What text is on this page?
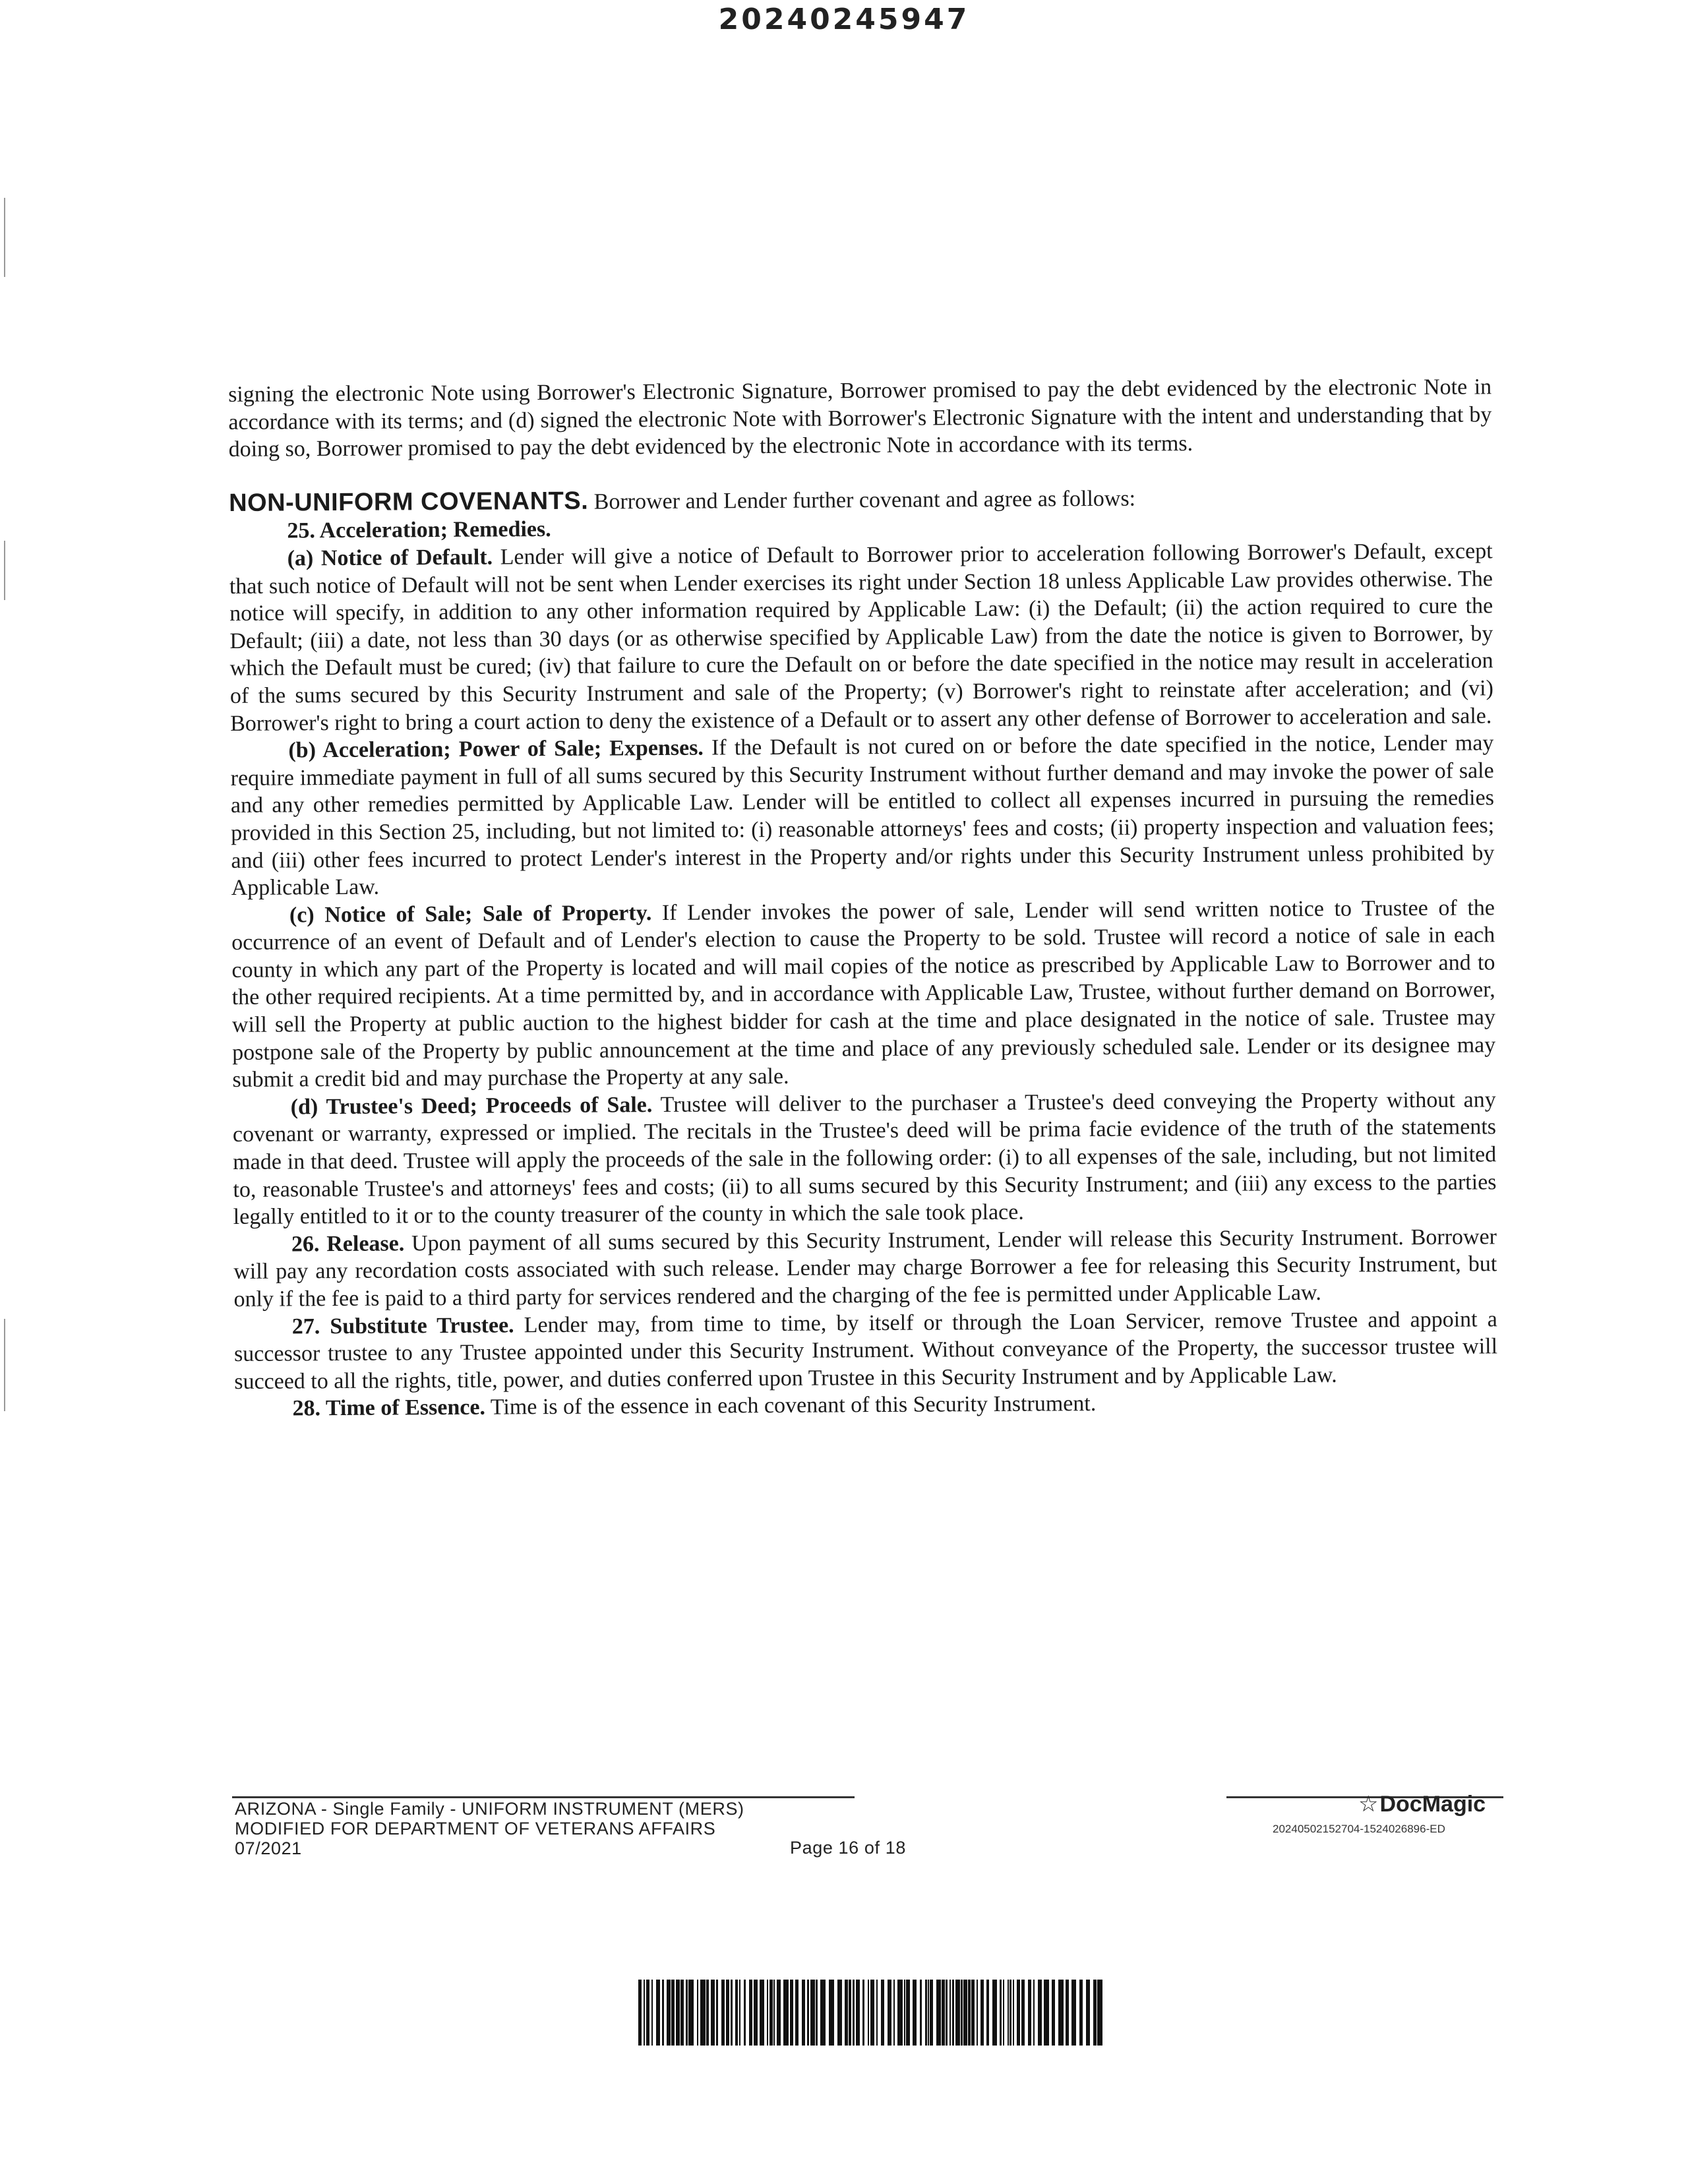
20240245947

signing the electronic Note using Borrower's Electronic Signature, Borrower promised to pay the debt evidenced by the electronic Note in accordance with its terms; and (d) signed the electronic Note with Borrower's Electronic Signature with the intent and understanding that by doing so, Borrower promised to pay the debt evidenced by the electronic Note in accordance with its terms.

NON-UNIFORM COVENANTS. Borrower and Lender further covenant and agree as follows:

25. Acceleration; Remedies.

(a) Notice of Default. Lender will give a notice of Default to Borrower prior to acceleration following Borrower's Default, except that such notice of Default will not be sent when Lender exercises its right under Section 18 unless Applicable Law provides otherwise. The notice will specify, in addition to any other information required by Applicable Law: (i) the Default; (ii) the action required to cure the Default; (iii) a date, not less than 30 days (or as otherwise specified by Applicable Law) from the date the notice is given to Borrower, by which the Default must be cured; (iv) that failure to cure the Default on or before the date specified in the notice may result in acceleration of the sums secured by this Security Instrument and sale of the Property; (v) Borrower's right to reinstate after acceleration; and (vi) Borrower's right to bring a court action to deny the existence of a Default or to assert any other defense of Borrower to acceleration and sale.

(b) Acceleration; Power of Sale; Expenses. If the Default is not cured on or before the date specified in the notice, Lender may require immediate payment in full of all sums secured by this Security Instrument without further demand and may invoke the power of sale and any other remedies permitted by Applicable Law. Lender will be entitled to collect all expenses incurred in pursuing the remedies provided in this Section 25, including, but not limited to: (i) reasonable attorneys' fees and costs; (ii) property inspection and valuation fees; and (iii) other fees incurred to protect Lender's interest in the Property and/or rights under this Security Instrument unless prohibited by Applicable Law.

(c) Notice of Sale; Sale of Property. If Lender invokes the power of sale, Lender will send written notice to Trustee of the occurrence of an event of Default and of Lender's election to cause the Property to be sold. Trustee will record a notice of sale in each county in which any part of the Property is located and will mail copies of the notice as prescribed by Applicable Law to Borrower and to the other required recipients. At a time permitted by, and in accordance with Applicable Law, Trustee, without further demand on Borrower, will sell the Property at public auction to the highest bidder for cash at the time and place designated in the notice of sale. Trustee may postpone sale of the Property by public announcement at the time and place of any previously scheduled sale. Lender or its designee may submit a credit bid and may purchase the Property at any sale.

(d) Trustee's Deed; Proceeds of Sale. Trustee will deliver to the purchaser a Trustee's deed conveying the Property without any covenant or warranty, expressed or implied. The recitals in the Trustee's deed will be prima facie evidence of the truth of the statements made in that deed. Trustee will apply the proceeds of the sale in the following order: (i) to all expenses of the sale, including, but not limited to, reasonable Trustee's and attorneys' fees and costs; (ii) to all sums secured by this Security Instrument; and (iii) any excess to the parties legally entitled to it or to the county treasurer of the county in which the sale took place.

26. Release. Upon payment of all sums secured by this Security Instrument, Lender will release this Security Instrument. Borrower will pay any recordation costs associated with such release. Lender may charge Borrower a fee for releasing this Security Instrument, but only if the fee is paid to a third party for services rendered and the charging of the fee is permitted under Applicable Law.

27. Substitute Trustee. Lender may, from time to time, by itself or through the Loan Servicer, remove Trustee and appoint a successor trustee to any Trustee appointed under this Security Instrument. Without conveyance of the Property, the successor trustee will succeed to all the rights, title, power, and duties conferred upon Trustee in this Security Instrument and by Applicable Law.

28. Time of Essence. Time is of the essence in each covenant of this Security Instrument.

ARIZONA - Single Family - UNIFORM INSTRUMENT (MERS)
MODIFIED FOR DEPARTMENT OF VETERANS AFFAIRS
07/2021	Page 16 of 18
☆DocMagic
20240502152704-1524026896-ED
